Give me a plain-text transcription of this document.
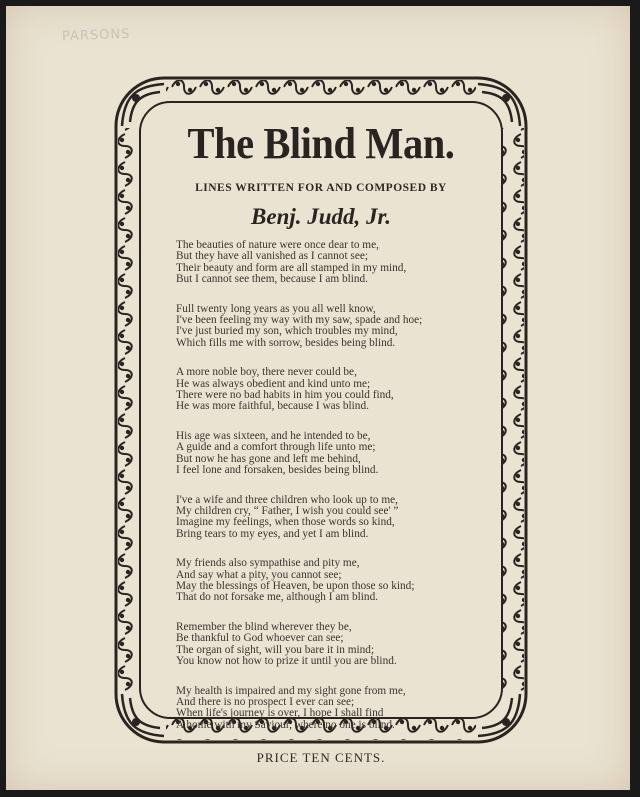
PARSONS
The Blind Man.
LINES WRITTEN FOR AND COMPOSED BY
Benj. Judd, Jr.
The beauties of nature were once dear to me,
But they have all vanished as I cannot see;
Their beauty and form are all stamped in my mind,
But I cannot see them, because I am blind.
Full twenty long years as you all well know,
I've been feeling my way with my saw, spade and hoe;
I've just buried my son, which troubles my mind,
Which fills me with sorrow, besides being blind.
A more noble boy, there never could be,
He was always obedient and kind unto me;
There were no bad habits in him you could find,
He was more faithful, because I was blind.
His age was sixteen, and he intended to be,
A guide and a comfort through life unto me;
But now he has gone and left me behind,
I feel lone and forsaken, besides being blind.
I've a wife and three children who look up to me,
My children cry, “ Father, I wish you could see' ”
Imagine my feelings, when those words so kind,
Bring tears to my eyes, and yet I am blind.
My friends also sympathise and pity me,
And say what a pity, you cannot see;
May the blessings of Heaven, be upon those so kind;
That do not forsake me, although I am blind.
Remember the blind wherever they be,
Be thankful to God whoever can see;
The organ of sight, will you bare it in mind;
You know not how to prize it until you are blind.
My health is impaired and my sight gone from me,
And there is no prospect I ever can see;
When life's journey is over, I hope I shall find
A home with my Saviour, where no one is blind.
PRICE TEN CENTS.
